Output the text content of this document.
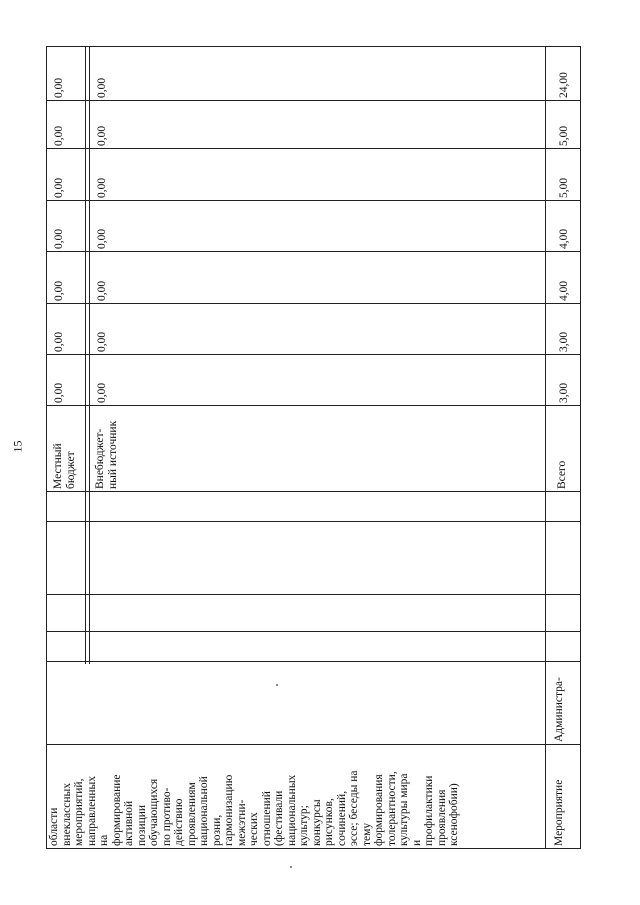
15
области внеклассных мероприятий, направленных на формирование активной позиции обучающихся по противо- действию проявлениям национальной розни, гармонизацию межэтни- ческих отношений (фестивали национальных культур; конкурсы рисунков, сочинений, эссе; беседы на тему формирования толерантности, культуры мира и профилактики проявления ксенофобии)	Мероприятие
Администра-
Местный бюджет Внебюджет- ный источник	Всего
0,00
0,00
0,00
0,00
0,00
0,00
0,00
0,00
0,00
0,00
0,00
0,00
0,00
0,00
3,00
3,00
4,00
4,00
5,00
5,00
24,00
